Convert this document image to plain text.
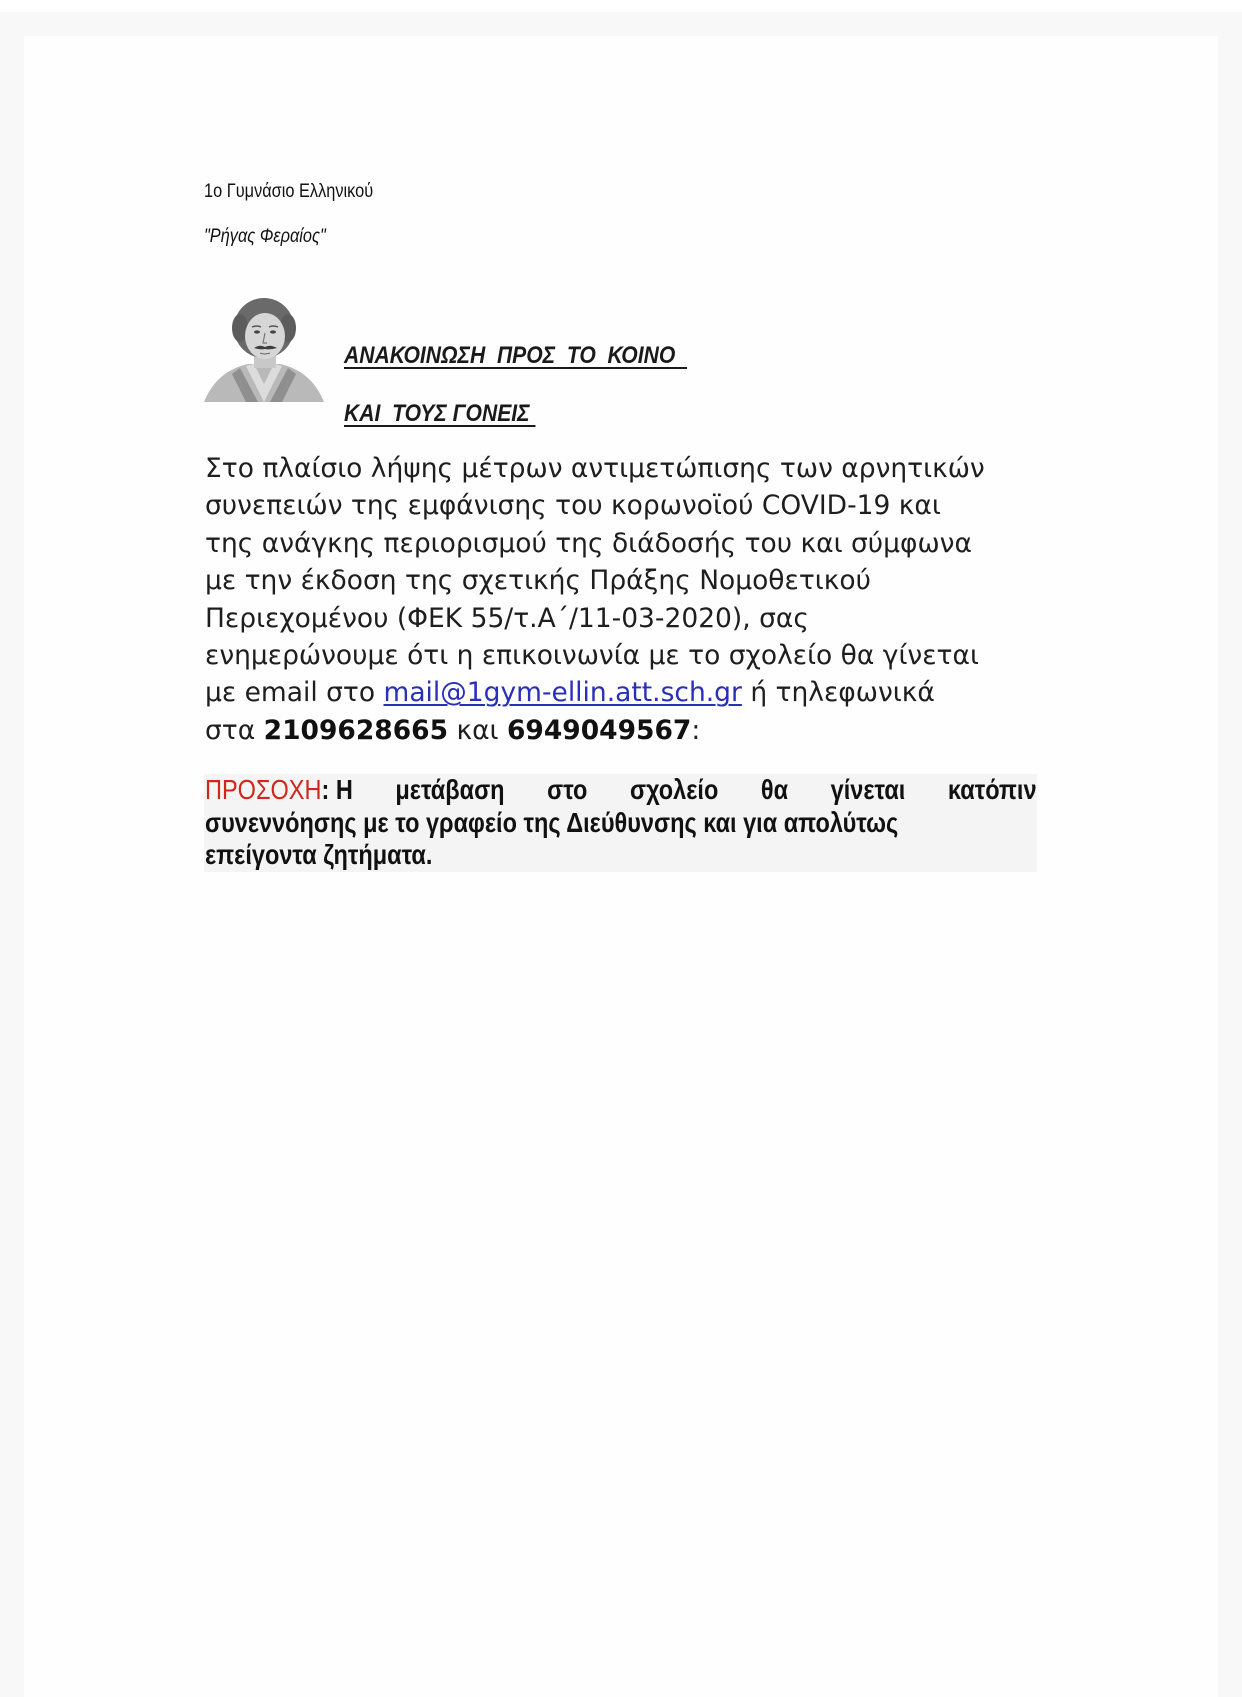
1ο Γυμνάσιο Ελληνικού
"Ρήγας Φεραίος"
ΑΝΑΚΟΙΝΩΣΗ  ΠΡΟΣ  ΤΟ  ΚΟΙΝΟ
ΚΑΙ  ΤΟΥΣ ΓΟΝΕΙΣ
Στο πλαίσιο λήψης μέτρων αντιμετώπισης των αρνητικών
συνεπειών της εμφάνισης του κορωνοϊού COVID-19 και
της ανάγκης περιορισμού της διάδοσής του και σύμφωνα
με την έκδοση της σχετικής Πράξης Νομοθετικού
Περιεχομένου (ΦΕΚ 55/τ.Α΄/11-03-2020), σας
ενημερώνουμε ότι η επικοινωνία με το σχολείο θα γίνεται
με email στο mail@1gym-ellin.att.sch.gr ή τηλεφωνικά
στα 2109628665 και 6949049567:
ΠΡΟΣΟΧΗ: Η μετάβαση στο σχολείο θα γίνεται κατόπιν
συνεννόησης με το γραφείο της Διεύθυνσης και για απολύτως
επείγοντα ζητήματα.
